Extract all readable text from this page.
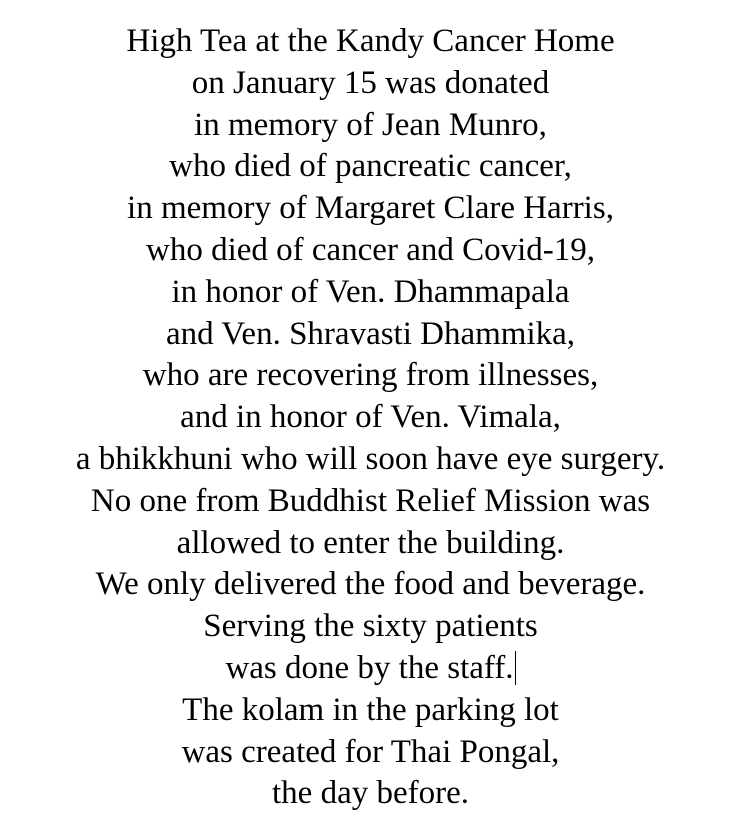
High Tea at the Kandy Cancer Home
on January 15 was donated
in memory of Jean Munro,
who died of pancreatic cancer,
in memory of Margaret Clare Harris,
who died of cancer and Covid-19,
in honor of Ven. Dhammapala
and Ven. Shravasti Dhammika,
who are recovering from illnesses,
and in honor of Ven. Vimala,
a bhikkhuni who will soon have eye surgery.
No one from Buddhist Relief Mission was
allowed to enter the building.
We only delivered the food and beverage.
Serving the sixty patients
was done by the staff.
The kolam in the parking lot
was created for Thai Pongal,
the day before.
